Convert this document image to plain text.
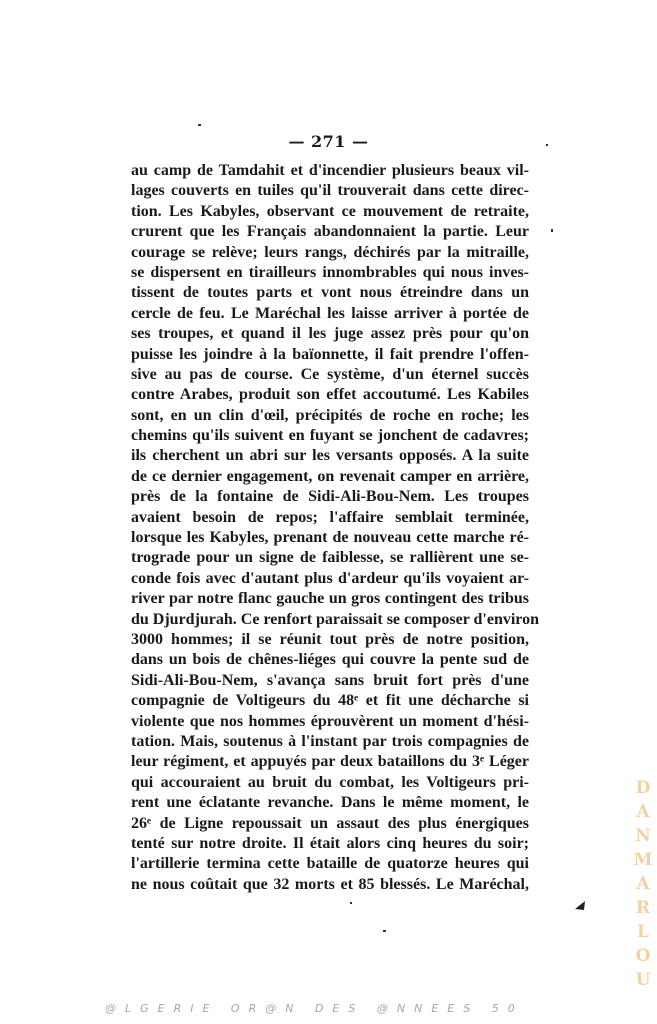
— 271 —
au camp de Tamdahit et d'incendier plusieurs beaux vil-
lages couverts en tuiles qu'il trouverait dans cette direc-
tion. Les Kabyles, observant ce mouvement de retraite,
crurent que les Français abandonnaient la partie. Leur
courage se relève; leurs rangs, déchirés par la mitraille,
se dispersent en tirailleurs innombrables qui nous inves-
tissent de toutes parts et vont nous étreindre dans un
cercle de feu. Le Maréchal les laisse arriver à portée de
ses troupes, et quand il les juge assez près pour qu'on
puisse les joindre à la baïonnette, il fait prendre l'offen-
sive au pas de course. Ce système, d'un éternel succès
contre Arabes, produit son effet accoutumé. Les Kabiles
sont, en un clin d'œil, précipités de roche en roche; les
chemins qu'ils suivent en fuyant se jonchent de cadavres;
ils cherchent un abri sur les versants opposés. A la suite
de ce dernier engagement, on revenait camper en arrière,
près de la fontaine de Sidi-Ali-Bou-Nem. Les troupes
avaient besoin de repos; l'affaire semblait terminée,
lorsque les Kabyles, prenant de nouveau cette marche ré-
trograde pour un signe de faiblesse, se rallièrent une se-
conde fois avec d'autant plus d'ardeur qu'ils voyaient ar-
river par notre flanc gauche un gros contingent des tribus
du Djurdjurah. Ce renfort paraissait se composer d'environ
3000 hommes; il se réunit tout près de notre position,
dans un bois de chênes-liéges qui couvre la pente sud de
Sidi-Ali-Bou-Nem, s'avança sans bruit fort près d'une
compagnie de Voltigeurs du 48ᵉ et fit une décharche si
violente que nos hommes éprouvèrent un moment d'hési-
tation. Mais, soutenus à l'instant par trois compagnies de
leur régiment, et appuyés par deux bataillons du 3ᵉ Léger
qui accouraient au bruit du combat, les Voltigeurs pri-
rent une éclatante revanche. Dans le même moment, le
26ᵉ de Ligne repoussait un assaut des plus énergiques
tenté sur notre droite. Il était alors cinq heures du soir;
l'artillerie termina cette bataille de quatorze heures qui
ne nous coûtait que 32 morts et 85 blessés. Le Maréchal,
D
A
N
M
A
R
L
O
U
@LGERIE OR@N DES @NNEES 50
